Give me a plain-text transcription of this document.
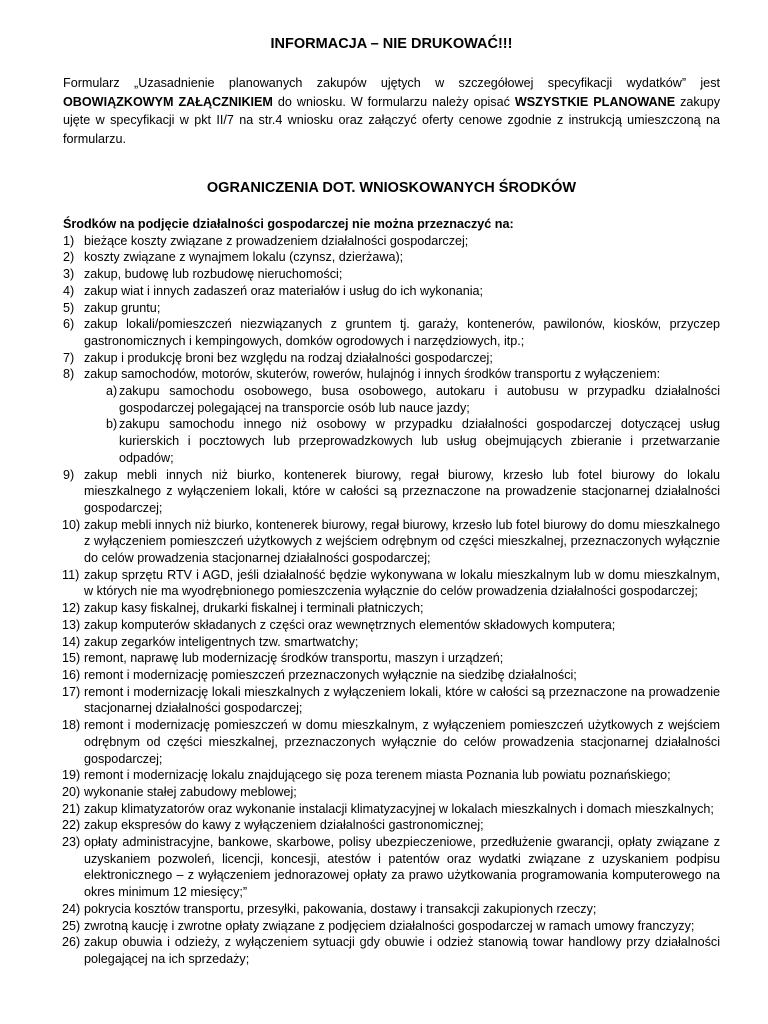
INFORMACJA – NIE DRUKOWAĆ!!!

Formularz „Uzasadnienie planowanych zakupów ujętych w szczegółowej specyfikacji wydatków” jest OBOWIĄZKOWYM ZAŁĄCZNIKIEM do wniosku. W formularzu należy opisać WSZYSTKIE PLANOWANE zakupy ujęte w specyfikacji w pkt II/7 na str.4 wniosku oraz załączyć oferty cenowe zgodnie z instrukcją umieszczoną na formularzu.

OGRANICZENIA DOT. WNIOSKOWANYCH ŚRODKÓW

Środków na podjęcie działalności gospodarczej nie można przeznaczyć na:

1) bieżące koszty związane z prowadzeniem działalności gospodarczej;
2) koszty związane z wynajmem lokalu (czynsz, dzierżawa);
3) zakup, budowę lub rozbudowę nieruchomości;
4) zakup wiat i innych zadaszeń oraz materiałów i usług do ich wykonania;
5) zakup gruntu;
6) zakup lokali/pomieszczeń niezwiązanych z gruntem tj. garaży, kontenerów, pawilonów, kiosków, przyczep gastronomicznych i kempingowych, domków ogrodowych i narzędziowych, itp.;
7) zakup i produkcję broni bez względu na rodzaj działalności gospodarczej;
8) zakup samochodów, motorów, skuterów, rowerów, hulajnóg i innych środków transportu z wyłączeniem:
a) zakupu samochodu osobowego, busa osobowego, autokaru i autobusu w przypadku działalności gospodarczej polegającej na transporcie osób lub nauce jazdy;
b) zakupu samochodu innego niż osobowy w przypadku działalności gospodarczej dotyczącej usług kurierskich i pocztowych lub przeprowadzkowych lub usług obejmujących zbieranie i przetwarzanie odpadów;
9) zakup mebli innych niż biurko, kontenerek biurowy, regał biurowy, krzesło lub fotel biurowy do lokalu mieszkalnego z wyłączeniem lokali, które w całości są przeznaczone na prowadzenie stacjonarnej działalności gospodarczej;
10) zakup mebli innych niż biurko, kontenerek biurowy, regał biurowy, krzesło lub fotel biurowy do domu mieszkalnego z wyłączeniem pomieszczeń użytkowych z wejściem odrębnym od części mieszkalnej, przeznaczonych wyłącznie do celów prowadzenia stacjonarnej działalności gospodarczej;
11) zakup sprzętu RTV i AGD, jeśli działalność będzie wykonywana w lokalu mieszkalnym lub w domu mieszkalnym, w których nie ma wyodrębnionego pomieszczenia wyłącznie do celów prowadzenia działalności gospodarczej;
12) zakup kasy fiskalnej, drukarki fiskalnej i terminali płatniczych;
13) zakup komputerów składanych z części oraz wewnętrznych elementów składowych komputera;
14) zakup zegarków inteligentnych tzw. smartwatchy;
15) remont, naprawę lub modernizację środków transportu, maszyn i urządzeń;
16) remont i modernizację pomieszczeń przeznaczonych wyłącznie na siedzibę działalności;
17) remont i modernizację lokali mieszkalnych z wyłączeniem lokali, które w całości są przeznaczone na prowadzenie stacjonarnej działalności gospodarczej;
18) remont i modernizację pomieszczeń w domu mieszkalnym, z wyłączeniem pomieszczeń użytkowych z wejściem odrębnym od części mieszkalnej, przeznaczonych wyłącznie do celów prowadzenia stacjonarnej działalności gospodarczej;
19) remont i modernizację lokalu znajdującego się poza terenem miasta Poznania lub powiatu poznańskiego;
20) wykonanie stałej zabudowy meblowej;
21) zakup klimatyzatorów oraz wykonanie instalacji klimatyzacyjnej w lokalach mieszkalnych i domach mieszkalnych;
22) zakup ekspresów do kawy z wyłączeniem działalności gastronomicznej;
23) opłaty administracyjne, bankowe, skarbowe, polisy ubezpieczeniowe, przedłużenie gwarancji, opłaty związane z uzyskaniem pozwoleń, licencji, koncesji, atestów i patentów oraz wydatki związane z uzyskaniem podpisu elektronicznego – z wyłączeniem jednorazowej opłaty za prawo użytkowania programowania komputerowego na okres minimum 12 miesięcy;”
24) pokrycia kosztów transportu, przesyłki, pakowania, dostawy i transakcji zakupionych rzeczy;
25) zwrotną kaucję i zwrotne opłaty związane z podjęciem działalności gospodarczej w ramach umowy franczyzy;
26) zakup obuwia i odzieży, z wyłączeniem sytuacji gdy obuwie i odzież stanowią towar handlowy przy działalności polegającej na ich sprzedaży;
